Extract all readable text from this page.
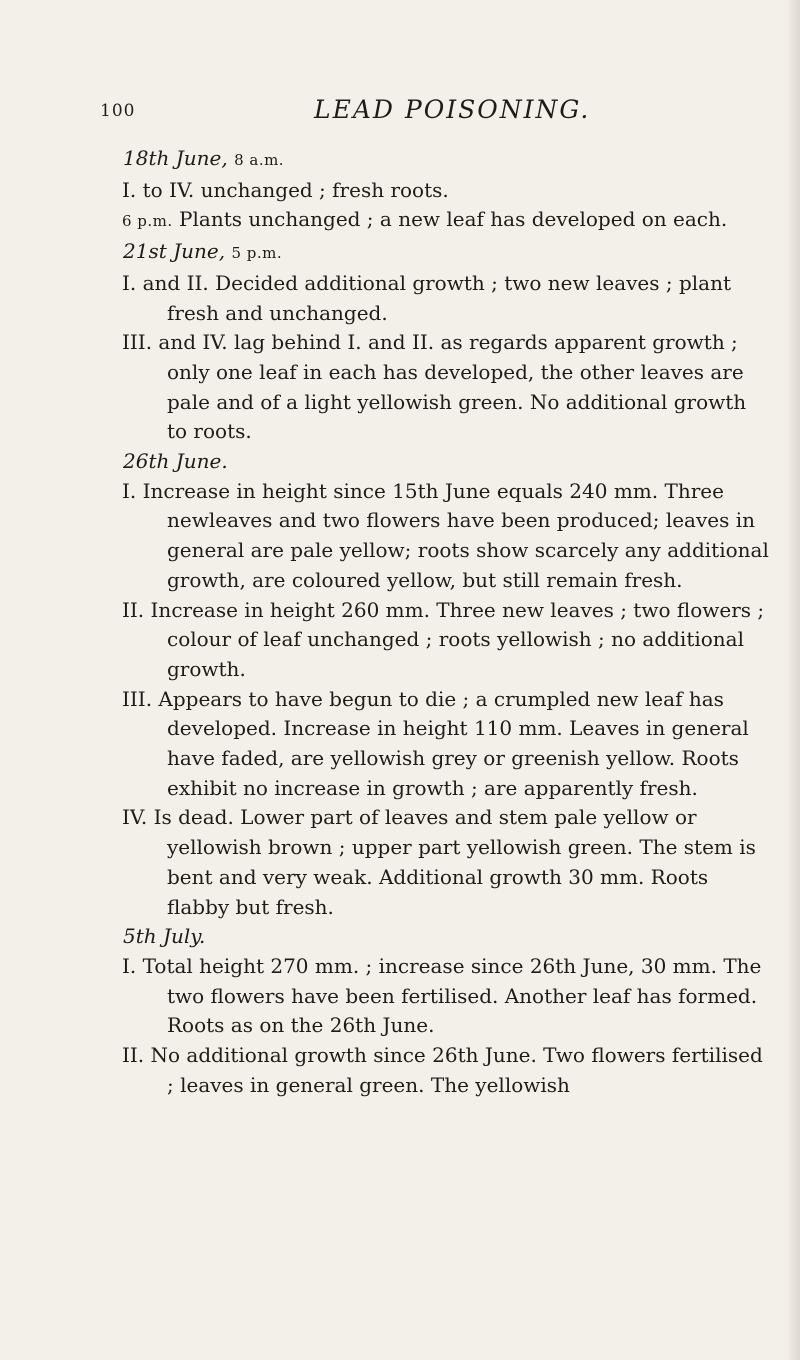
100	LEAD POISONING.

18th June, 8 a.m.

I. to IV. unchanged ; fresh roots.

6 p.m. Plants unchanged ; a new leaf has developed on each.

21st June, 5 p.m.

I. and II. Decided additional growth ; two new leaves ; plant fresh and unchanged.

III. and IV. lag behind I. and II. as regards apparent growth ; only one leaf in each has developed, the other leaves are pale and of a light yellowish green. No additional growth to roots.

26th June.

I. Increase in height since 15th June equals 240 mm. Three newleaves and two flowers have been produced; leaves in general are pale yellow; roots show scarcely any additional growth, are coloured yellow, but still remain fresh.

II. Increase in height 260 mm. Three new leaves ; two flowers ; colour of leaf unchanged ; roots yellowish ; no additional growth.

III. Appears to have begun to die ; a crumpled new leaf has developed. Increase in height 110 mm. Leaves in general have faded, are yellowish grey or greenish yellow. Roots exhibit no increase in growth ; are apparently fresh.

IV. Is dead. Lower part of leaves and stem pale yellow or yellowish brown ; upper part yellowish green. The stem is bent and very weak. Additional growth 30 mm. Roots flabby but fresh.

5th July.

I. Total height 270 mm. ; increase since 26th June, 30 mm. The two flowers have been fertilised. Another leaf has formed. Roots as on the 26th June.

II. No additional growth since 26th June. Two flowers fertilised ; leaves in general green. The yellowish
